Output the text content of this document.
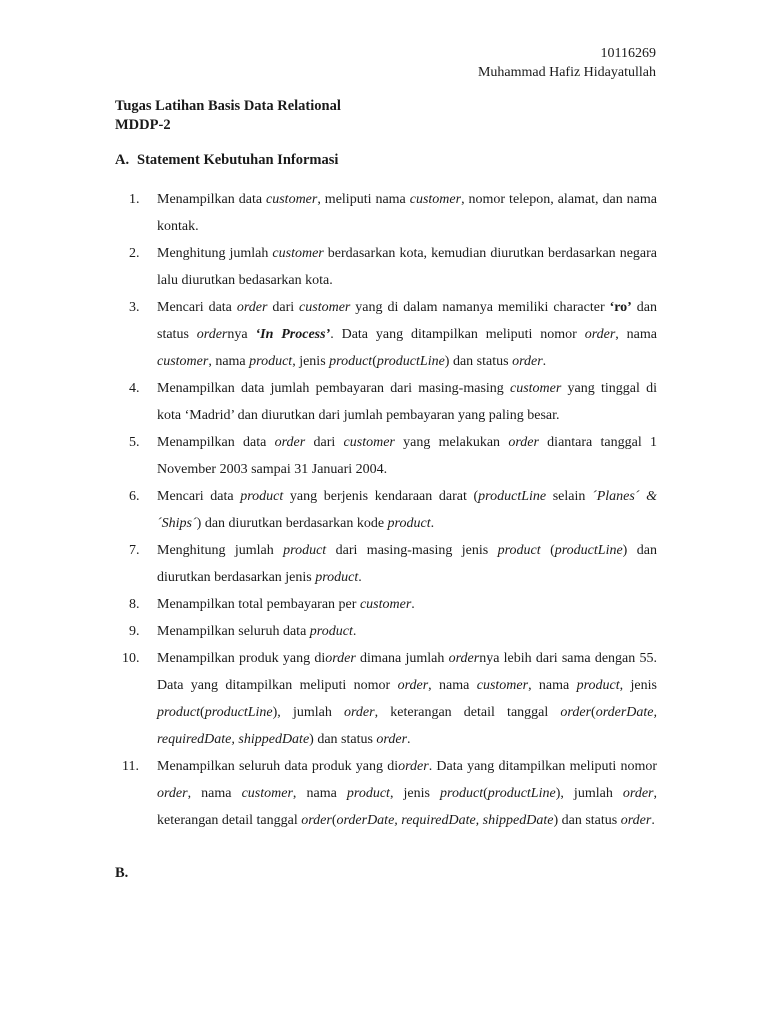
10116269
Muhammad Hafiz Hidayatullah
Tugas Latihan Basis Data Relational
MDDP-2
A. Statement Kebutuhan Informasi
1.	Menampilkan data customer, meliputi nama customer, nomor telepon, alamat, dan nama kontak.
2.	Menghitung jumlah customer berdasarkan kota, kemudian diurutkan berdasarkan negara lalu diurutkan bedasarkan kota.
3.	Mencari data order dari customer yang di dalam namanya memiliki character ‘ro’ dan status ordernya ‘In Process’. Data yang ditampilkan meliputi nomor order, nama customer, nama product, jenis product(productLine) dan status order.
4.	Menampilkan data jumlah pembayaran dari masing-masing customer yang tinggal di kota ‘Madrid’ dan diurutkan dari jumlah pembayaran yang paling besar.
5.	Menampilkan data order dari customer yang melakukan order diantara tanggal 1 November 2003 sampai 31 Januari 2004.
6.	Mencari data product yang berjenis kendaraan darat (productLine selain ´Planes´ & ´Ships´) dan diurutkan berdasarkan kode product.
7.	Menghitung jumlah product dari masing-masing jenis product (productLine) dan diurutkan berdasarkan jenis product.
8.	Menampilkan total pembayaran per customer.
9.	Menampilkan seluruh data product.
10.	Menampilkan produk yang diorder dimana jumlah ordernya lebih dari sama dengan 55. Data yang ditampilkan meliputi nomor order, nama customer, nama product, jenis product(productLine), jumlah order, keterangan detail tanggal order(orderDate, requiredDate, shippedDate) dan status order.
11.	Menampilkan seluruh data produk yang diorder. Data yang ditampilkan meliputi nomor order, nama customer, nama product, jenis product(productLine), jumlah order, keterangan detail tanggal order(orderDate, requiredDate, shippedDate) dan status order.
B.
